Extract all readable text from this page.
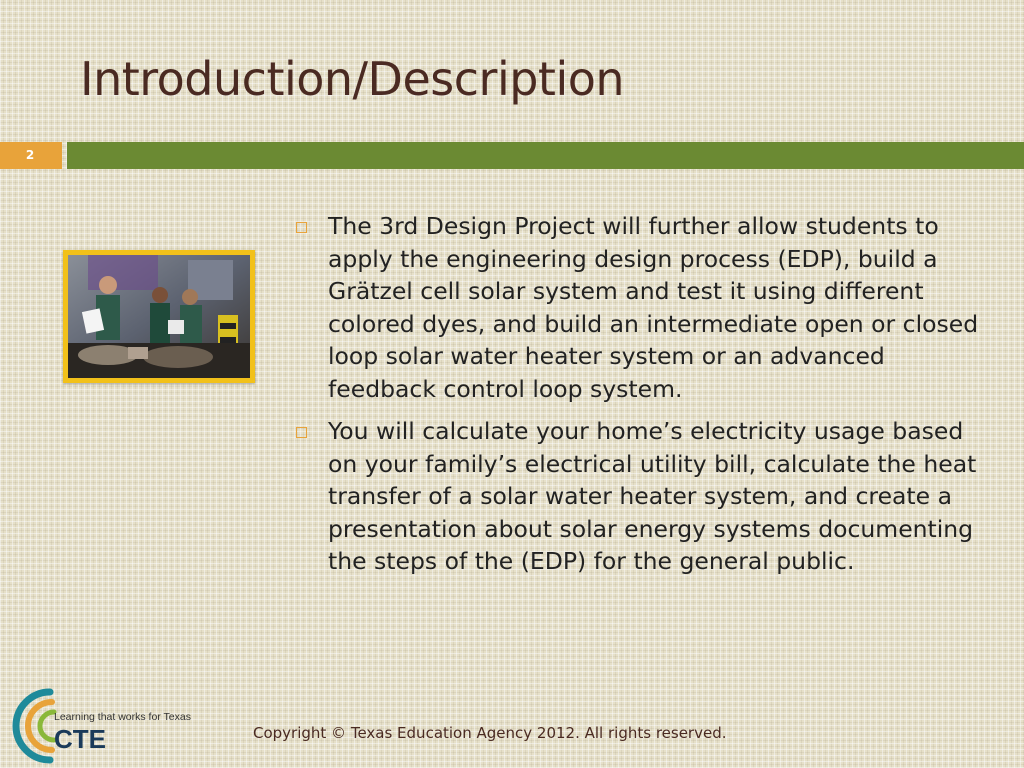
Introduction/Description
2
The 3rd Design Project will further allow students to apply the engineering design process (EDP), build a Grätzel cell solar system and test it using different colored dyes, and build an intermediate open or closed loop solar water heater system or an advanced feedback control loop system.
You will calculate your home’s electricity usage based on your family’s electrical utility bill, calculate the heat transfer of a solar water heater system, and create a presentation about solar energy systems documenting the steps of the (EDP) for the general public.
Learning that works for Texas
CTE	Copyright © Texas Education Agency 2012. All rights reserved.
